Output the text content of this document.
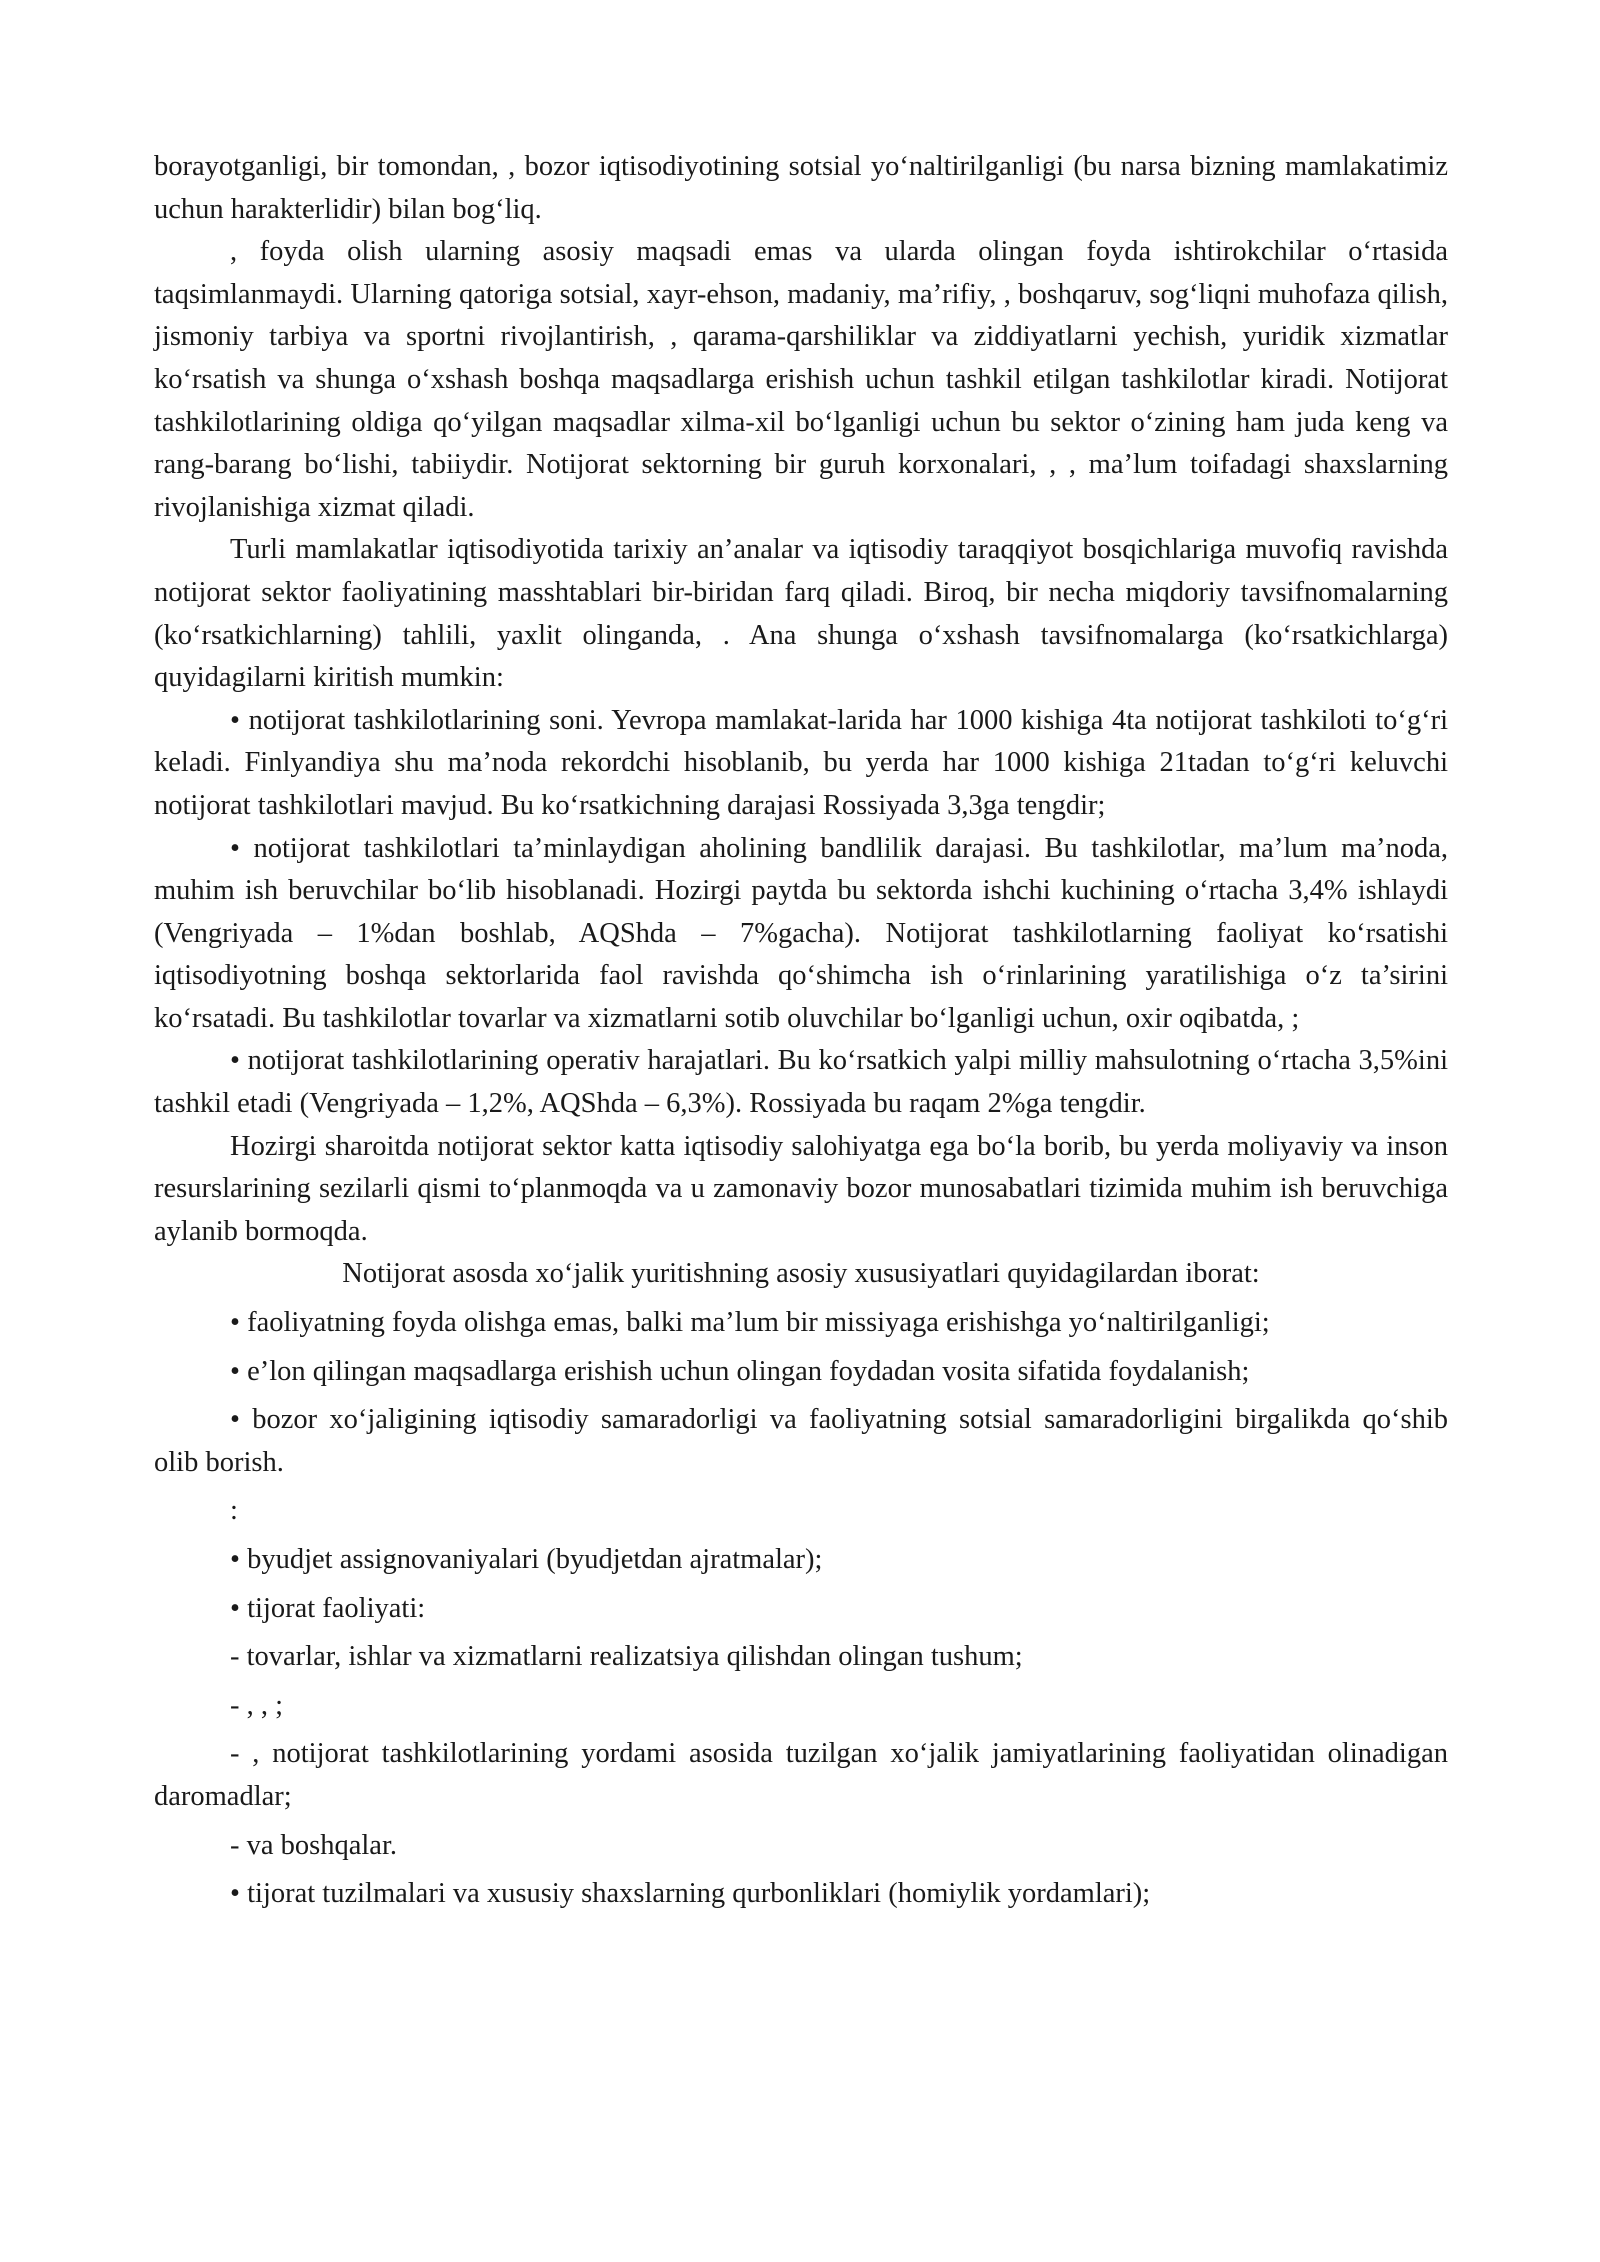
borayotganligi, bir tomondan, , bozor iqtisodiyotining sotsial yo‘naltirilganligi (bu narsa bizning mamlakatimiz uchun harakterlidir) bilan bog‘liq.

, foyda olish ularning asosiy maqsadi emas va ularda olingan foyda ishtirokchilar o‘rtasida taqsimlanmaydi. Ularning qatoriga sotsial, xayr-ehson, madaniy, ma’rifiy, , boshqaruv, sog‘liqni muhofaza qilish, jismoniy tarbiya va sportni rivojlantirish, , qarama-qarshiliklar va ziddiyatlarni yechish, yuridik xizmatlar ko‘rsatish va shunga o‘xshash boshqa maqsadlarga erishish uchun tashkil etilgan tashkilotlar kiradi. Notijorat tashkilotlarining oldiga qo‘yilgan maqsadlar xilma-xil bo‘lganligi uchun bu sektor o‘zining ham juda keng va rang-barang bo‘lishi, tabiiydir. Notijorat sektorning bir guruh korxonalari, , , ma’lum toifadagi shaxslarning rivojlanishiga xizmat qiladi.

Turli mamlakatlar iqtisodiyotida tarixiy an’analar va iqtisodiy taraqqiyot bosqichlariga muvofiq ravishda notijorat sektor faoliyatining masshtablari bir-biridan farq qiladi. Biroq, bir necha miqdoriy tavsifnomalarning (ko‘rsatkichlarning) tahlili, yaxlit olinganda, . Ana shunga o‘xshash tavsifnomalarga (ko‘rsatkichlarga) quyidagilarni kiritish mumkin:

• notijorat tashkilotlarining soni. Yevropa mamlakat-larida har 1000 kishiga 4ta notijorat tashkiloti to‘g‘ri keladi. Finlyandiya shu ma’noda rekordchi hisoblanib, bu yerda har 1000 kishiga 21tadan to‘g‘ri keluvchi notijorat tashkilotlari mavjud. Bu ko‘rsatkichning darajasi Rossiyada 3,3ga tengdir;

• notijorat tashkilotlari ta’minlaydigan aholining bandlilik darajasi. Bu tashkilotlar, ma’lum ma’noda, muhim ish beruvchilar bo‘lib hisoblanadi. Hozirgi paytda bu sektorda ishchi kuchining o‘rtacha 3,4% ishlaydi (Vengriyada – 1%dan boshlab, AQShda – 7%gacha). Notijorat tashkilotlarning faoliyat ko‘rsatishi iqtisodiyotning boshqa sektorlarida faol ravishda qo‘shimcha ish o‘rinlarining yaratilishiga o‘z ta’sirini ko‘rsatadi. Bu tashkilotlar tovarlar va xizmatlarni sotib oluvchilar bo‘lganligi uchun, oxir oqibatda, ;

• notijorat tashkilotlarining operativ harajatlari. Bu ko‘rsatkich yalpi milliy mahsulotning o‘rtacha 3,5%ini tashkil etadi (Vengriyada – 1,2%, AQShda – 6,3%). Rossiyada bu raqam 2%ga tengdir.

Hozirgi sharoitda notijorat sektor katta iqtisodiy salohiyatga ega bo‘la borib, bu yerda moliyaviy va inson resurslarining sezilarli qismi to‘planmoqda va u zamonaviy bozor munosabatlari tizimida muhim ish beruvchiga aylanib bormoqda.

Notijorat asosda xo‘jalik yuritishning asosiy xususiyatlari quyidagilardan iborat:

• faoliyatning foyda olishga emas, balki ma’lum bir missiyaga erishishga yo‘naltirilganligi;

• e’lon qilingan maqsadlarga erishish uchun olingan foydadan vosita sifatida foydalanish;

• bozor xo‘jaligining iqtisodiy samaradorligi va faoliyatning sotsial samaradorligini birgalikda qo‘shib olib borish.

:

• byudjet assignovaniyalari (byudjetdan ajratmalar);

• tijorat faoliyati:

- tovarlar, ishlar va xizmatlarni realizatsiya qilishdan olingan tushum;

- , , ;

- , notijorat tashkilotlarining yordami asosida tuzilgan xo‘jalik jamiyatlarining faoliyatidan olinadigan daromadlar;

- va boshqalar.

• tijorat tuzilmalari va xususiy shaxslarning qurbonliklari (homiylik yordamlari);
